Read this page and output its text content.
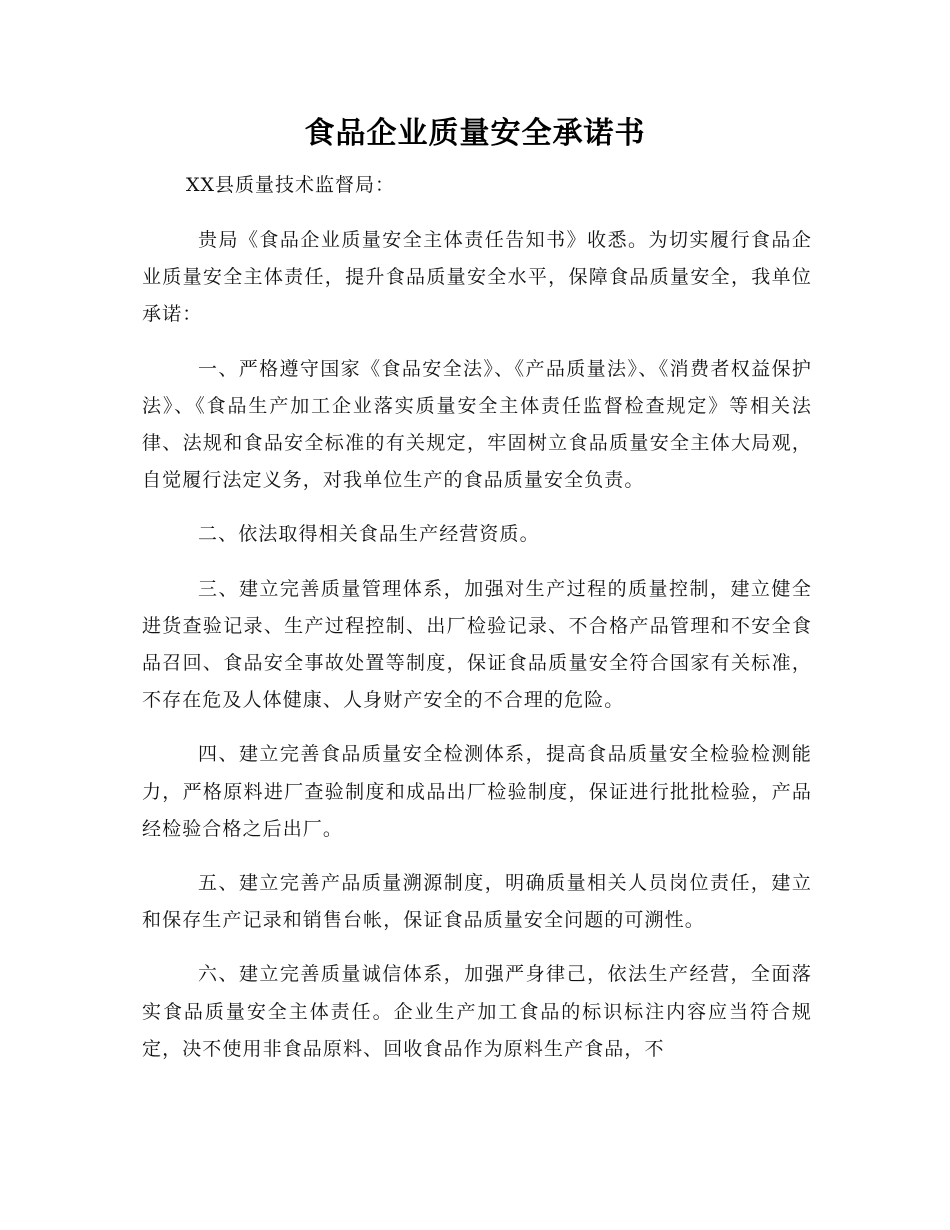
食品企业质量安全承诺书
XX县质量技术监督局：

贵局《食品企业质量安全主体责任告知书》收悉。为切实履行食品企业质量安全主体责任，提升食品质量安全水平，保障食品质量安全，我单位承诺：

一、严格遵守国家《食品安全法》、《产品质量法》、《消费者权益保护法》、《食品生产加工企业落实质量安全主体责任监督检查规定》等相关法律、法规和食品安全标准的有关规定，牢固树立食品质量安全主体大局观，自觉履行法定义务，对我单位生产的食品质量安全负责。

二、依法取得相关食品生产经营资质。

三、建立完善质量管理体系，加强对生产过程的质量控制，建立健全进货查验记录、生产过程控制、出厂检验记录、不合格产品管理和不安全食品召回、食品安全事故处置等制度，保证食品质量安全符合国家有关标准，不存在危及人体健康、人身财产安全的不合理的危险。

四、建立完善食品质量安全检测体系，提高食品质量安全检验检测能力，严格原料进厂查验制度和成品出厂检验制度，保证进行批批检验，产品经检验合格之后出厂。

五、建立完善产品质量溯源制度，明确质量相关人员岗位责任，建立和保存生产记录和销售台帐，保证食品质量安全问题的可溯性。

六、建立完善质量诚信体系，加强严身律己，依法生产经营，全面落实食品质量安全主体责任。企业生产加工食品的标识标注内容应当符合规定，决不使用非食品原料、回收食品作为原料生产食品，不
